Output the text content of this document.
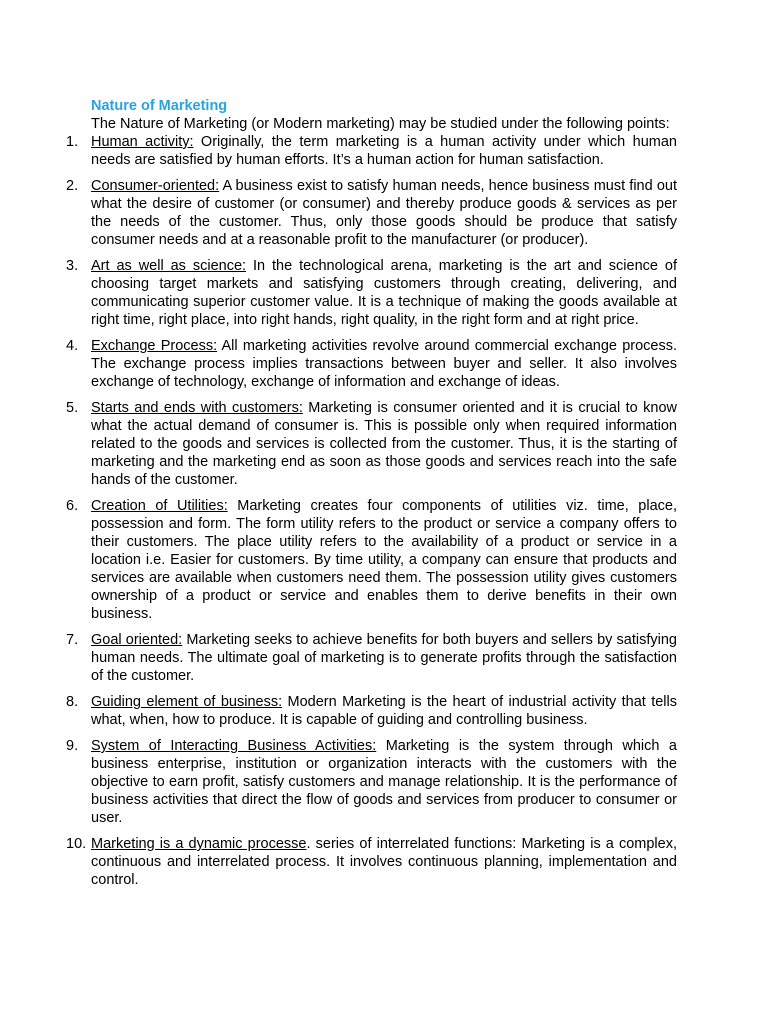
Nature of Marketing

The Nature of Marketing (or Modern marketing) may be studied under the following points:

1. Human activity: Originally, the term marketing is a human activity under which human needs are satisfied by human efforts. It’s a human action for human satisfaction.
2. Consumer-oriented: A business exist to satisfy human needs, hence business must find out what the desire of customer (or consumer) and thereby produce goods & services as per the needs of the customer. Thus, only those goods should be produce that satisfy consumer needs and at a reasonable profit to the manufacturer (or producer).
3. Art as well as science: In the technological arena, marketing is the art and science of choosing target markets and satisfying customers through creating, delivering, and communicating superior customer value. It is a technique of making the goods available at right time, right place, into right hands, right quality, in the right form and at right price.
4. Exchange Process: All marketing activities revolve around commercial exchange process. The exchange process implies transactions between buyer and seller. It also involves exchange of technology, exchange of information and exchange of ideas.
5. Starts and ends with customers: Marketing is consumer oriented and it is crucial to know what the actual demand of consumer is. This is possible only when required information related to the goods and services is collected from the customer. Thus, it is the starting of marketing and the marketing end as soon as those goods and services reach into the safe hands of the customer.
6. Creation of Utilities: Marketing creates four components of utilities viz. time, place, possession and form. The form utility refers to the product or service a company offers to their customers. The place utility refers to the availability of a product or service in a location i.e. Easier for customers. By time utility, a company can ensure that products and services are available when customers need them. The possession utility gives customers ownership of a product or service and enables them to derive benefits in their own business.
7. Goal oriented: Marketing seeks to achieve benefits for both buyers and sellers by satisfying human needs. The ultimate goal of marketing is to generate profits through the satisfaction of the customer.
8. Guiding element of business: Modern Marketing is the heart of industrial activity that tells what, when, how to produce. It is capable of guiding and controlling business.
9. System of Interacting Business Activities: Marketing is the system through which a business enterprise, institution or organization interacts with the customers with the objective to earn profit, satisfy customers and manage relationship. It is the performance of business activities that direct the flow of goods and services from producer to consumer or user.
10. Marketing is a dynamic processe. series of interrelated functions: Marketing is a complex, continuous and interrelated process. It involves continuous planning, implementation and control.
